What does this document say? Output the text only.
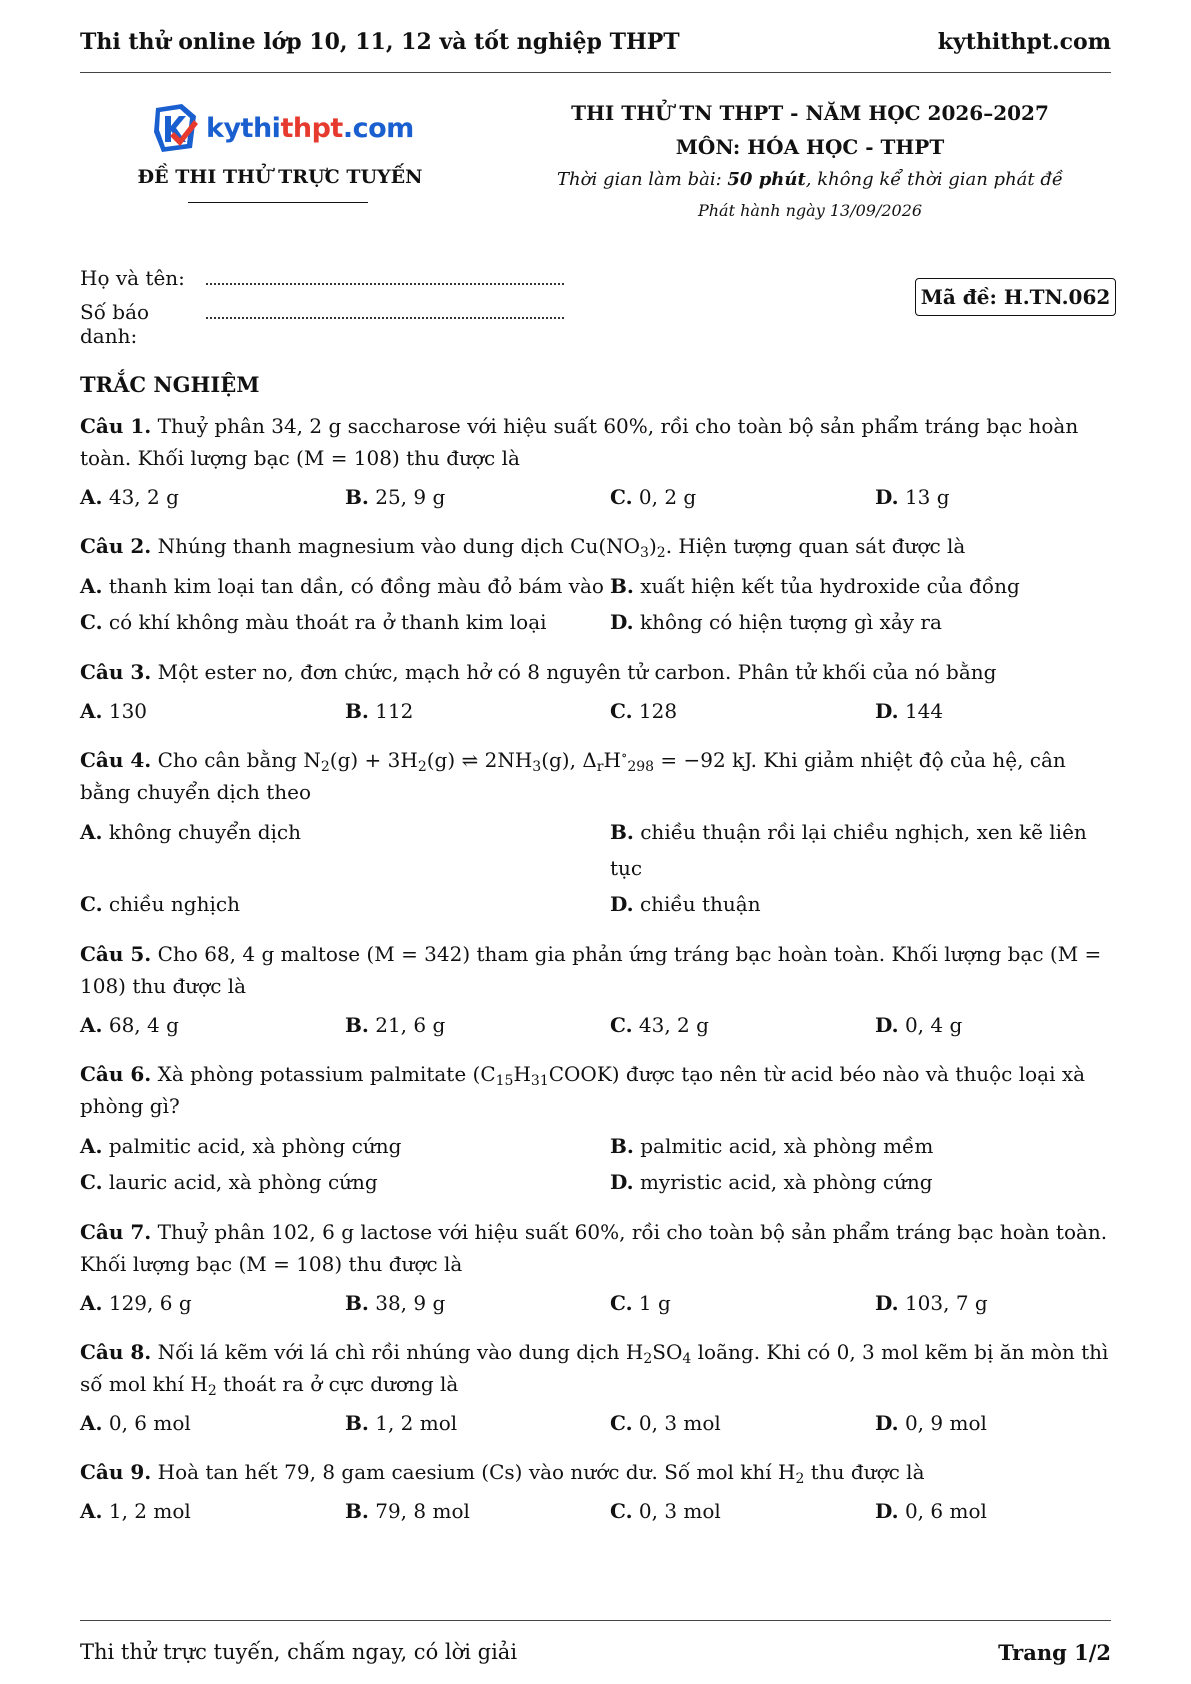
Thi thử online lớp 10, 11, 12 và tốt nghiệp THPT	kythithpt.com
kythithpt.com
ĐỀ THI THỬ TRỰC TUYẾN
THI THỬ TN THPT - NĂM HỌC 2026–2027
MÔN: HÓA HỌC - THPT
Thời gian làm bài: 50 phút, không kể thời gian phát đề
Phát hành ngày 13/09/2026
Họ và tên:
Số báo danh:
Mã đề: H.TN.062
TRẮC NGHIỆM
Câu 1. Thuỷ phân 34, 2 g saccharose với hiệu suất 60%, rồi cho toàn bộ sản phẩm tráng bạc hoàn toàn. Khối lượng bạc (M = 108) thu được là
A. 43, 2 g	B. 25, 9 g	C. 0, 2 g	D. 13 g
Câu 2. Nhúng thanh magnesium vào dung dịch $Cu(NO_3)_2$. Hiện tượng quan sát được là
A. thanh kim loại tan dần, có đồng màu đỏ bám vào B. xuất hiện kết tủa hydroxide của đồng
C. có khí không màu thoát ra ở thanh kim loại	D. không có hiện tượng gì xảy ra
Câu 3. Một ester no, đơn chức, mạch hở có 8 nguyên tử carbon. Phân tử khối của nó bằng
A. 130	B. 112	C. 128	D. 144
Câu 4. Cho cân bằng $N_2(g) + 3H_2(g)$ ⇌ $2NH_3(g)$, $\Delta_rH^\circ_{298} = -92$ kJ. Khi giảm nhiệt độ của hệ, cân bằng chuyển dịch theo
A. không chuyển dịch	B. chiều thuận rồi lại chiều nghịch, xen kẽ liên tục
C. chiều nghịch	D. chiều thuận
Câu 5. Cho 68, 4 g maltose (M = 342) tham gia phản ứng tráng bạc hoàn toàn. Khối lượng bạc (M = 108) thu được là
A. 68, 4 g	B. 21, 6 g	C. 43, 2 g	D. 0, 4 g
Câu 6. Xà phòng potassium palmitate $(C_{15}H_{31}COOK)$ được tạo nên từ acid béo nào và thuộc loại xà phòng gì?
A. palmitic acid, xà phòng cứng	B. palmitic acid, xà phòng mềm
C. lauric acid, xà phòng cứng	D. myristic acid, xà phòng cứng
Câu 7. Thuỷ phân 102, 6 g lactose với hiệu suất 60%, rồi cho toàn bộ sản phẩm tráng bạc hoàn toàn. Khối lượng bạc (M = 108) thu được là
A. 129, 6 g	B. 38, 9 g	C. 1 g	D. 103, 7 g
Câu 8. Nối lá kẽm với lá chì rồi nhúng vào dung dịch $H_2SO_4$ loãng. Khi có 0, 3 mol kẽm bị ăn mòn thì số mol khí $H_2$ thoát ra ở cực dương là
A. 0, 6 mol	B. 1, 2 mol	C. 0, 3 mol	D. 0, 9 mol
Câu 9. Hoà tan hết 79, 8 gam caesium (Cs) vào nước dư. Số mol khí $H_2$ thu được là
A. 1, 2 mol	B. 79, 8 mol	C. 0, 3 mol	D. 0, 6 mol
Thi thử trực tuyến, chấm ngay, có lời giải	Trang 1/2
